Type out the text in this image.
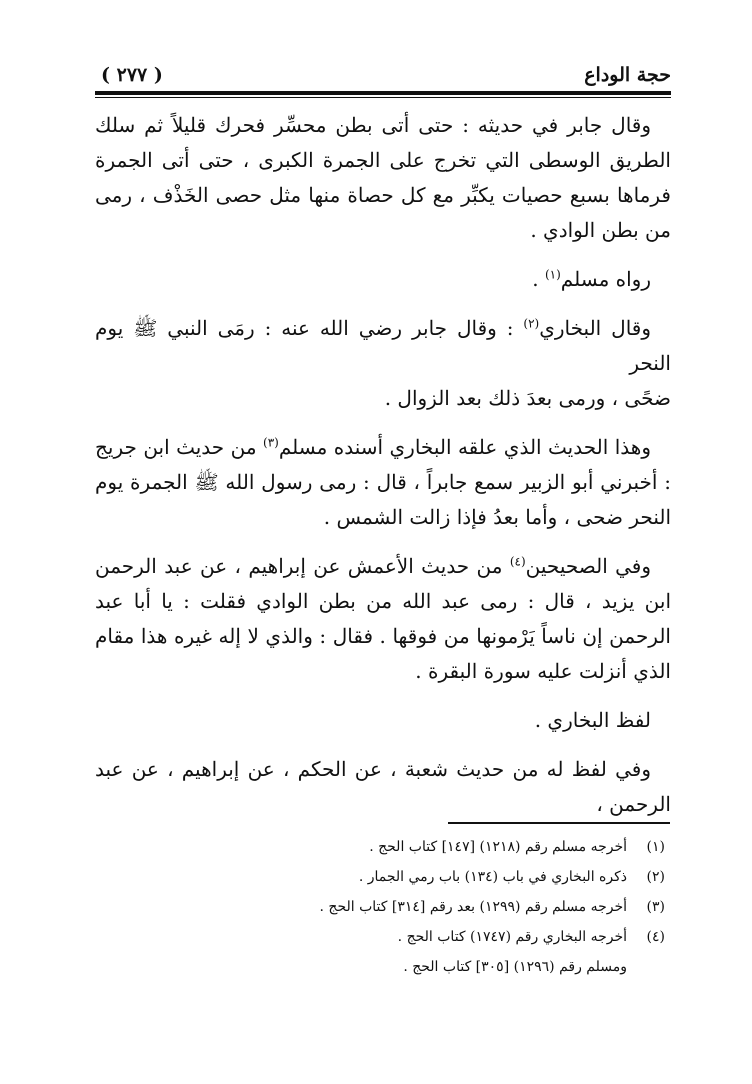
حجة الوداع
( ٢٧٧ )

وقال جابر في حديثه : حتى أتى بطن محسِّر فحرك قليلاً ثم سلك الطريق الوسطى التي تخرج على الجمرة الكبرى ، حتى أتى الجمرة فرماها بسبع حصيات يكبِّر مع كل حصاة منها مثل حصى الخَذْف ، رمى من بطن الوادي .

رواه مسلم$^{(١)}$ .

وقال البخاري$^{(٢)}$ : وقال جابر رضي الله عنه : رمَى النبي ﷺ يوم النحر

ضحًى ، ورمى بعدَ ذلك بعد الزوال .

وهذا الحديث الذي علقه البخاري أسنده مسلم$^{(٣)}$ من حديث ابن جريج : أخبرني أبو الزبير سمع جابراً ، قال : رمى رسول الله ﷺ الجمرة يوم النحر ضحى ، وأما بعدُ فإذا زالت الشمس .

وفي الصحيحين$^{(٤)}$ من حديث الأعمش عن إبراهيم ، عن عبد الرحمن ابن يزيد ، قال : رمى عبد الله من بطن الوادي فقلت : يا أبا عبد الرحمن إن ناساً يَرْمونها من فوقها . فقال : والذي لا إله غيره هذا مقام الذي أنزلت عليه سورة البقرة .

لفظ البخاري .

وفي لفظ له من حديث شعبة ، عن الحكم ، عن إبراهيم ، عن عبد الرحمن ،

(١)أخرجه مسلم رقم (١٢١٨) [١٤٧] كتاب الحج .
(٢)ذكره البخاري في باب (١٣٤) باب رمي الجمار .
(٣)أخرجه مسلم رقم (١٢٩٩) بعد رقم [٣١٤] كتاب الحج .
(٤)أخرجه البخاري رقم (١٧٤٧) كتاب الحج .
ومسلم رقم (١٢٩٦) [٣٠٥] كتاب الحج .
